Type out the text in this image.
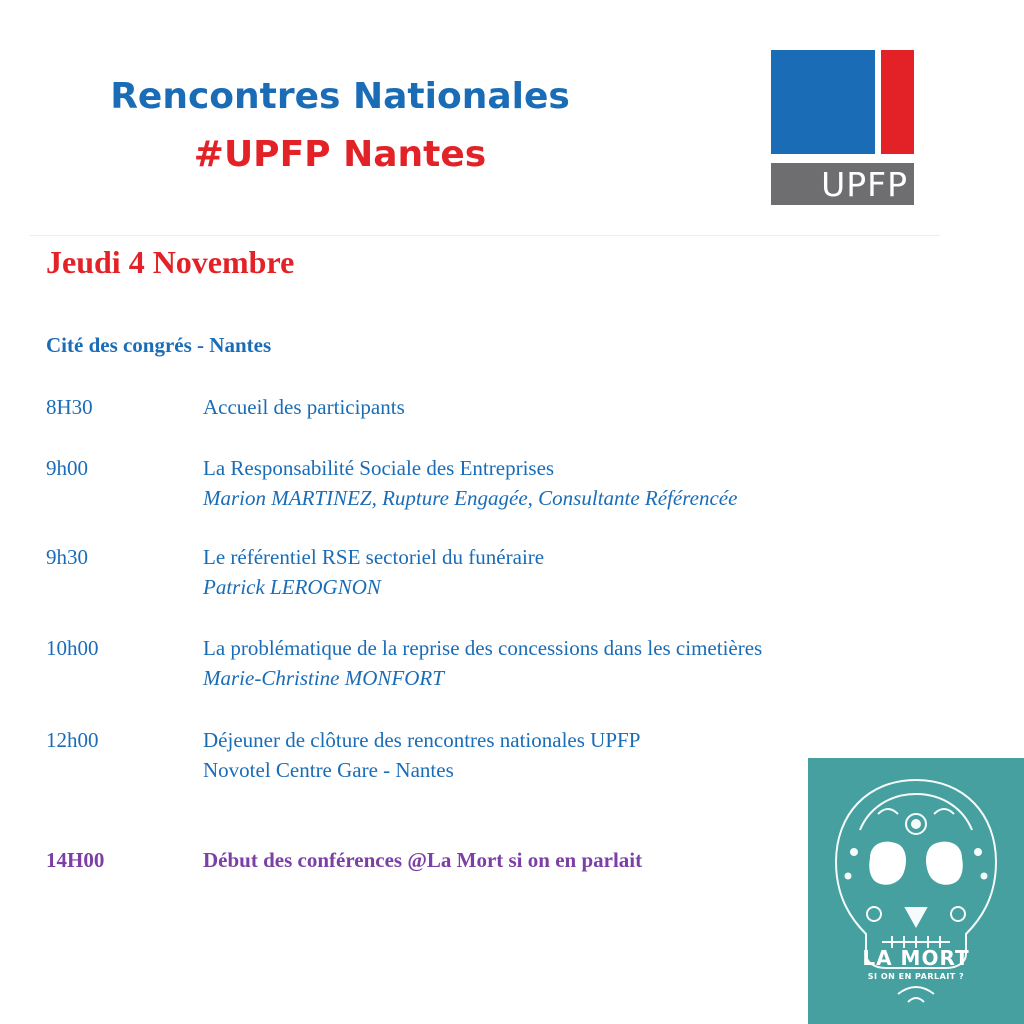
Rencontres Nationales
#UPFP Nantes
UPFP
Jeudi 4 Novembre
Cité des congrés - Nantes
8H30	Accueil des participants
9h00	La Responsabilité Sociale des Entreprises
Marion MARTINEZ, Rupture Engagée, Consultante Référencée
9h30	Le référentiel RSE sectoriel du funéraire
Patrick LEROGNON
10h00	La problématique de la reprise des concessions dans les cimetières
Marie-Christine MONFORT
12h00	Déjeuner de clôture des rencontres nationales UPFP
Novotel Centre Gare - Nantes
14H00	Début des conférences @La Mort si on en parlait
LA MORT
SI ON EN PARLAIT ?
